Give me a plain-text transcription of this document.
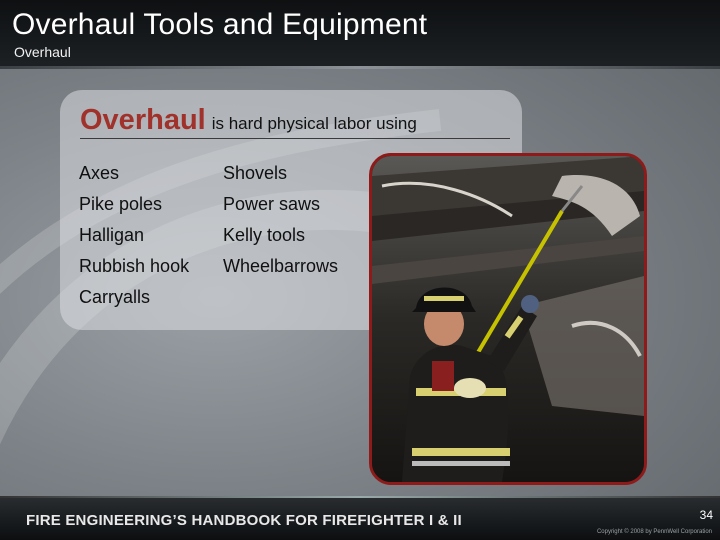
Overhaul Tools and Equipment
Overhaul
Overhaul is hard physical labor using
Axes
Pike poles
Halligan
Rubbish hook
Carryalls
Shovels
Power saws
Kelly tools
Wheelbarrows
FIRE ENGINEERING’S HANDBOOK FOR FIREFIGHTER I & II	34
Copyright © 2008 by PennWell Corporation
